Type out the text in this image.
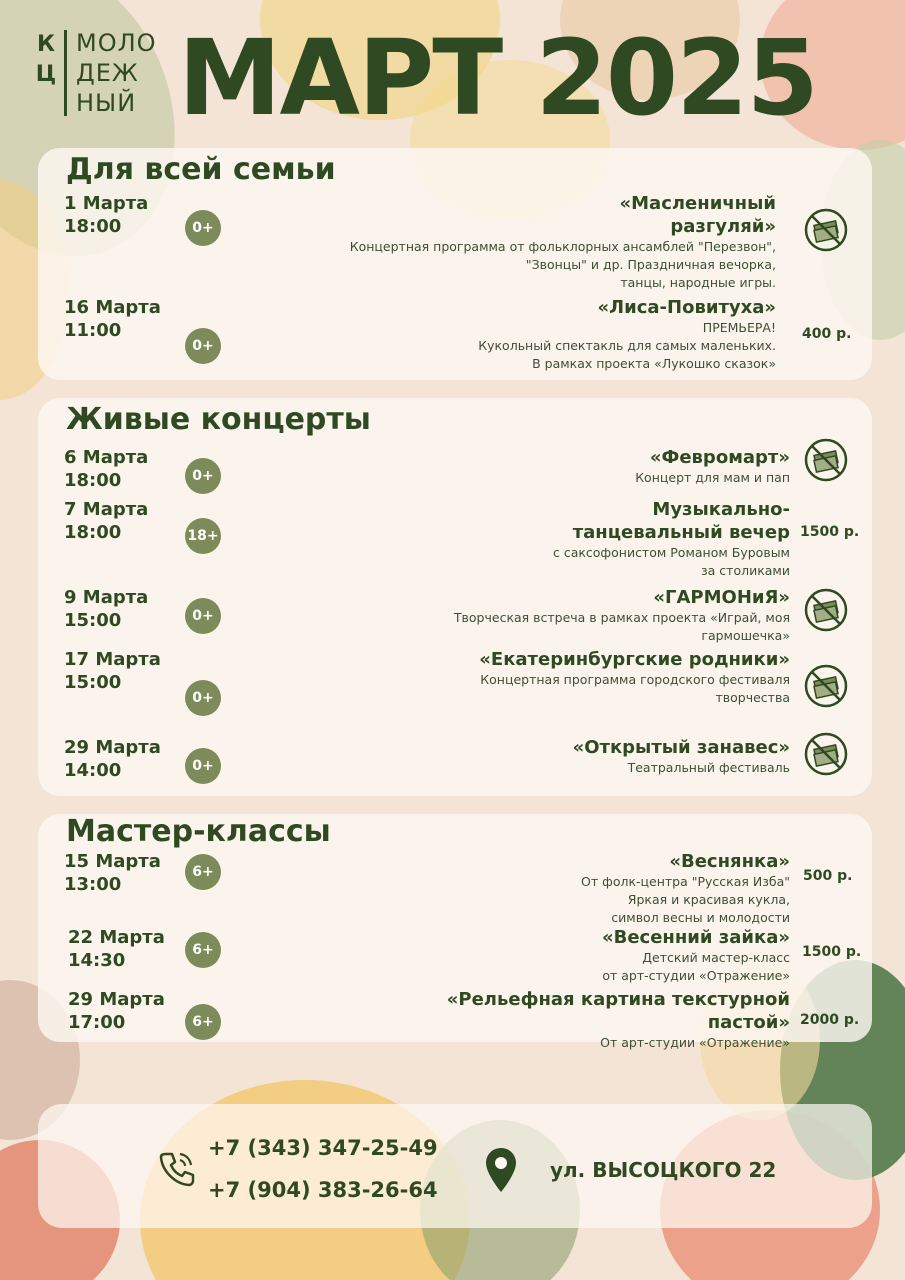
К
Ц
МОЛО
ДЕЖ
НЫЙ МАРТ 2025
Для всей семьи
1 Марта
18:00	0+
«Масленичный
разгуляй»
Концертная программа от фольклорных ансамблей "Перезвон",
"Звонцы" и др. Праздничная вечорка,
танцы, народные игры.
16 Марта
11:00
0+
«Лиса-Повитуха»
ПРЕМЬЕРА!
Кукольный спектакль для самых маленьких.
В рамках проекта «Лукошко сказок»
400 р.
Живые концерты
6 Марта
18:00	0+
«Февромарт»
Концерт для мам и пап
7 Марта
18:00	18+
Музыкально-
танцевальный вечер
с саксофонистом Романом Буровым
за столиками
1500 р.
9 Марта
15:00	0+
«ГАРМОНиЯ»
Творческая встреча в рамках проекта «Играй, моя
гармошечка»
17 Марта
15:00
0+
«Екатеринбургские родники»
Концертная программа городского фестиваля
творчества
29 Марта
14:00	0+
«Открытый занавес»
Театральный фестиваль
Мастер-классы
15 Марта
13:00
6+	«Веснянка»
От фолк-центра "Русская Изба"
Яркая и красивая кукла,
символ весны и молодости
500 р.
22 Марта
14:30	6+
«Весенний зайка»
Детский мастер-класс
от арт-студии «Отражение»
1500 р.
29 Марта
17:00	6+
«Рельефная картина текстурной
пастой»
От арт-студии «Отражение»
2000 р.
+7 (343) 347-25-49
+7 (904) 383-26-64
ул. ВЫСОЦКОГО 22
